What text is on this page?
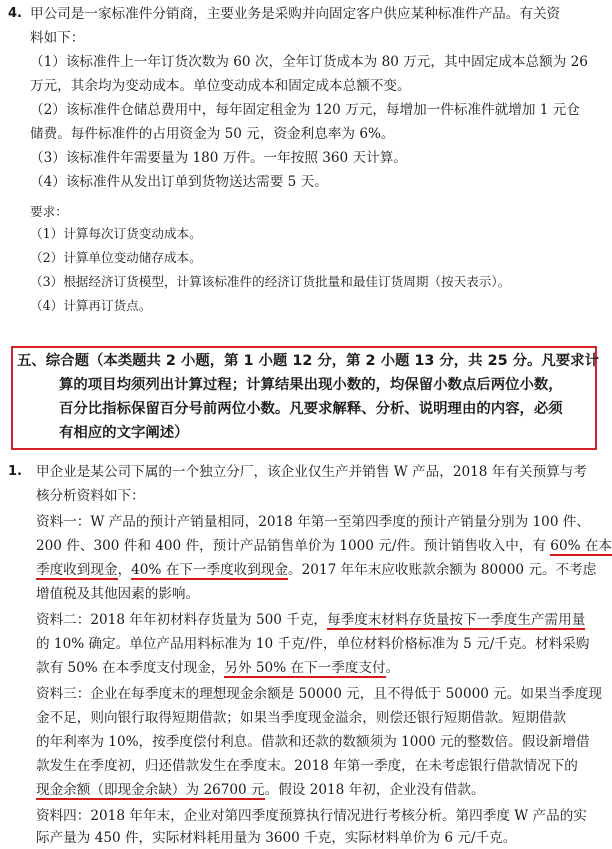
4. 甲公司是一家标准件分销商，主要业务是采购并向固定客户供应某种标准件产品。有关资
料如下：
（1）该标准件上一年订货次数为 60 次，全年订货成本为 80 万元，其中固定成本总额为 26
万元，其余均为变动成本。单位变动成本和固定成本总额不变。
（2）该标准件仓储总费用中，每年固定租金为 120 万元，每增加一件标准件就增加 1 元仓
储费。每件标准件的占用资金为 50 元，资金利息率为 6%。
（3）该标准件年需要量为 180 万件。一年按照 360 天计算。
（4）该标准件从发出订单到货物送达需要 5 天。
要求：
（1）计算每次订货变动成本。
（2）计算单位变动储存成本。
（3）根据经济订货模型，计算该标准件的经济订货批量和最佳订货周期（按天表示）。
（4）计算再订货点。
五、综合题（本类题共 2 小题，第 1 小题 12 分，第 2 小题 13 分，共 25 分。凡要求计
算的项目均须列出计算过程；计算结果出现小数的，均保留小数点后两位小数，
百分比指标保留百分号前两位小数。凡要求解释、分析、说明理由的内容，必须
有相应的文字阐述）
1. 甲企业是某公司下属的一个独立分厂，该企业仅生产并销售 W 产品，2018 年有关预算与考
核分析资料如下：
资料一：W 产品的预计产销量相同，2018 年第一至第四季度的预计产销量分别为 100 件、
200 件、300 件和 400 件，预计产品销售单价为 1000 元/件。预计销售收入中，有 60% 在本
季度收到现金，40% 在下一季度收到现金。2017 年年末应收账款余额为 80000 元。不考虑
增值税及其他因素的影响。
资料二：2018 年年初材料存货量为 500 千克，每季度末材料存货量按下一季度生产需用量
的 10% 确定。单位产品用料标准为 10 千克/件，单位材料价格标准为 5 元/千克。材料采购
款有 50% 在本季度支付现金，另外 50% 在下一季度支付。
资料三：企业在每季度末的理想现金余额是 50000 元，且不得低于 50000 元。如果当季度现
金不足，则向银行取得短期借款；如果当季度现金溢余，则偿还银行短期借款。短期借款
的年利率为 10%，按季度偿付利息。借款和还款的数额须为 1000 元的整数倍。假设新增借
款发生在季度初，归还借款发生在季度末。2018 年第一季度，在未考虑银行借款情况下的
现金余额（即现金余缺）为 26700 元。假设 2018 年初，企业没有借款。
资料四：2018 年年末，企业对第四季度预算执行情况进行考核分析。第四季度 W 产品的实
际产量为 450 件，实际材料耗用量为 3600 千克，实际材料单价为 6 元/千克。
